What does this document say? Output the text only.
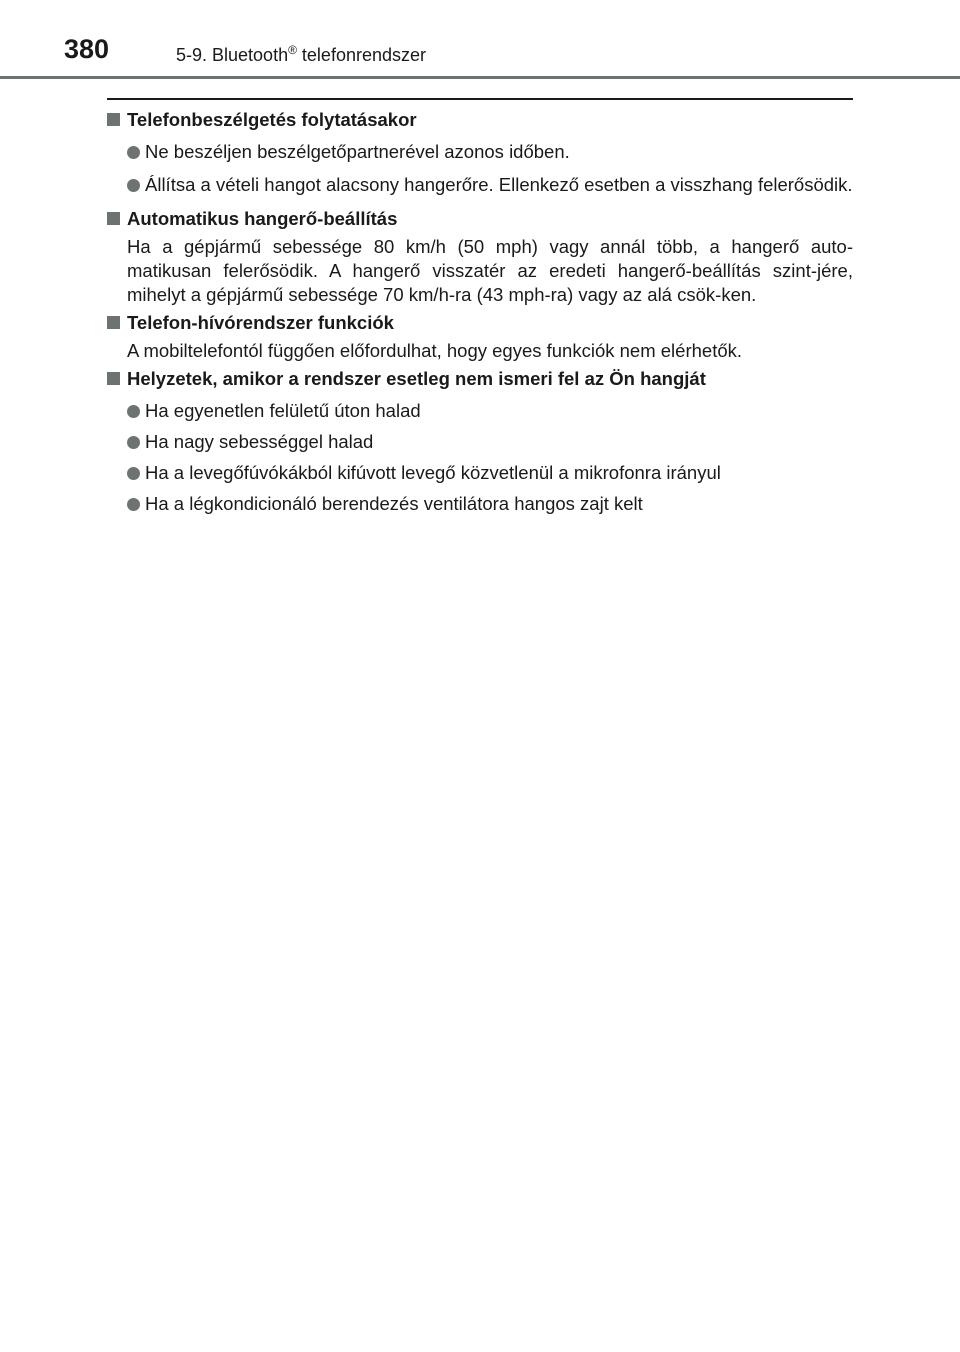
380	5-9. Bluetooth® telefonrendszer
Telefonbeszélgetés folytatásakor
Ne beszéljen beszélgetőpartnerével azonos időben.
Állítsa a vételi hangot alacsony hangerőre. Ellenkező esetben a visszhang felerősödik.
Automatikus hangerő-beállítás
Ha a gépjármű sebessége 80 km/h (50 mph) vagy annál több, a hangerő auto-matikusan felerősödik. A hangerő visszatér az eredeti hangerő-beállítás szint-jére, mihelyt a gépjármű sebessége 70 km/h-ra (43 mph-ra) vagy az alá csök-ken.
Telefon-hívórendszer funkciók
A mobiltelefontól függően előfordulhat, hogy egyes funkciók nem elérhetők.
Helyzetek, amikor a rendszer esetleg nem ismeri fel az Ön hangját
Ha egyenetlen felületű úton halad
Ha nagy sebességgel halad
Ha a levegőfúvókákból kifúvott levegő közvetlenül a mikrofonra irányul
Ha a légkondicionáló berendezés ventilátora hangos zajt kelt
